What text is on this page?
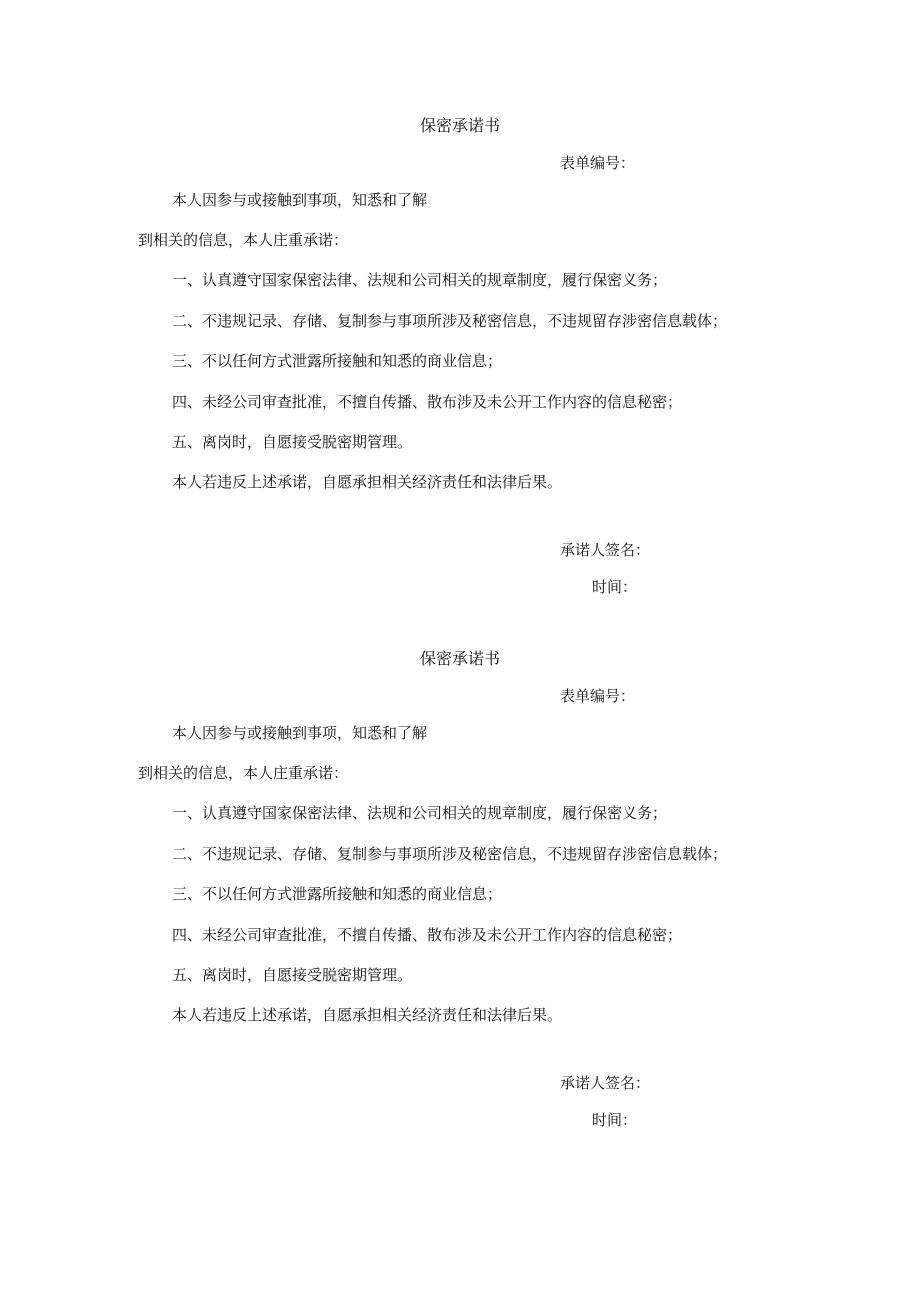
保密承诺书
表单编号：
本人因参与或接触到事项，知悉和了解
到相关的信息，本人庄重承诺：
一、认真遵守国家保密法律、法规和公司相关的规章制度，履行保密义务；
二、不违规记录、存储、复制参与事项所涉及秘密信息，不违规留存涉密信息载体；
三、不以任何方式泄露所接触和知悉的商业信息；
四、未经公司审查批准，不擅自传播、散布涉及未公开工作内容的信息秘密；
五、离岗时，自愿接受脱密期管理。
本人若违反上述承诺，自愿承担相关经济责任和法律后果。
承诺人签名：
时间：
保密承诺书
表单编号：
本人因参与或接触到事项，知悉和了解
到相关的信息，本人庄重承诺：
一、认真遵守国家保密法律、法规和公司相关的规章制度，履行保密义务；
二、不违规记录、存储、复制参与事项所涉及秘密信息，不违规留存涉密信息载体；
三、不以任何方式泄露所接触和知悉的商业信息；
四、未经公司审查批准，不擅自传播、散布涉及未公开工作内容的信息秘密；
五、离岗时，自愿接受脱密期管理。
本人若违反上述承诺，自愿承担相关经济责任和法律后果。
承诺人签名：
时间：
